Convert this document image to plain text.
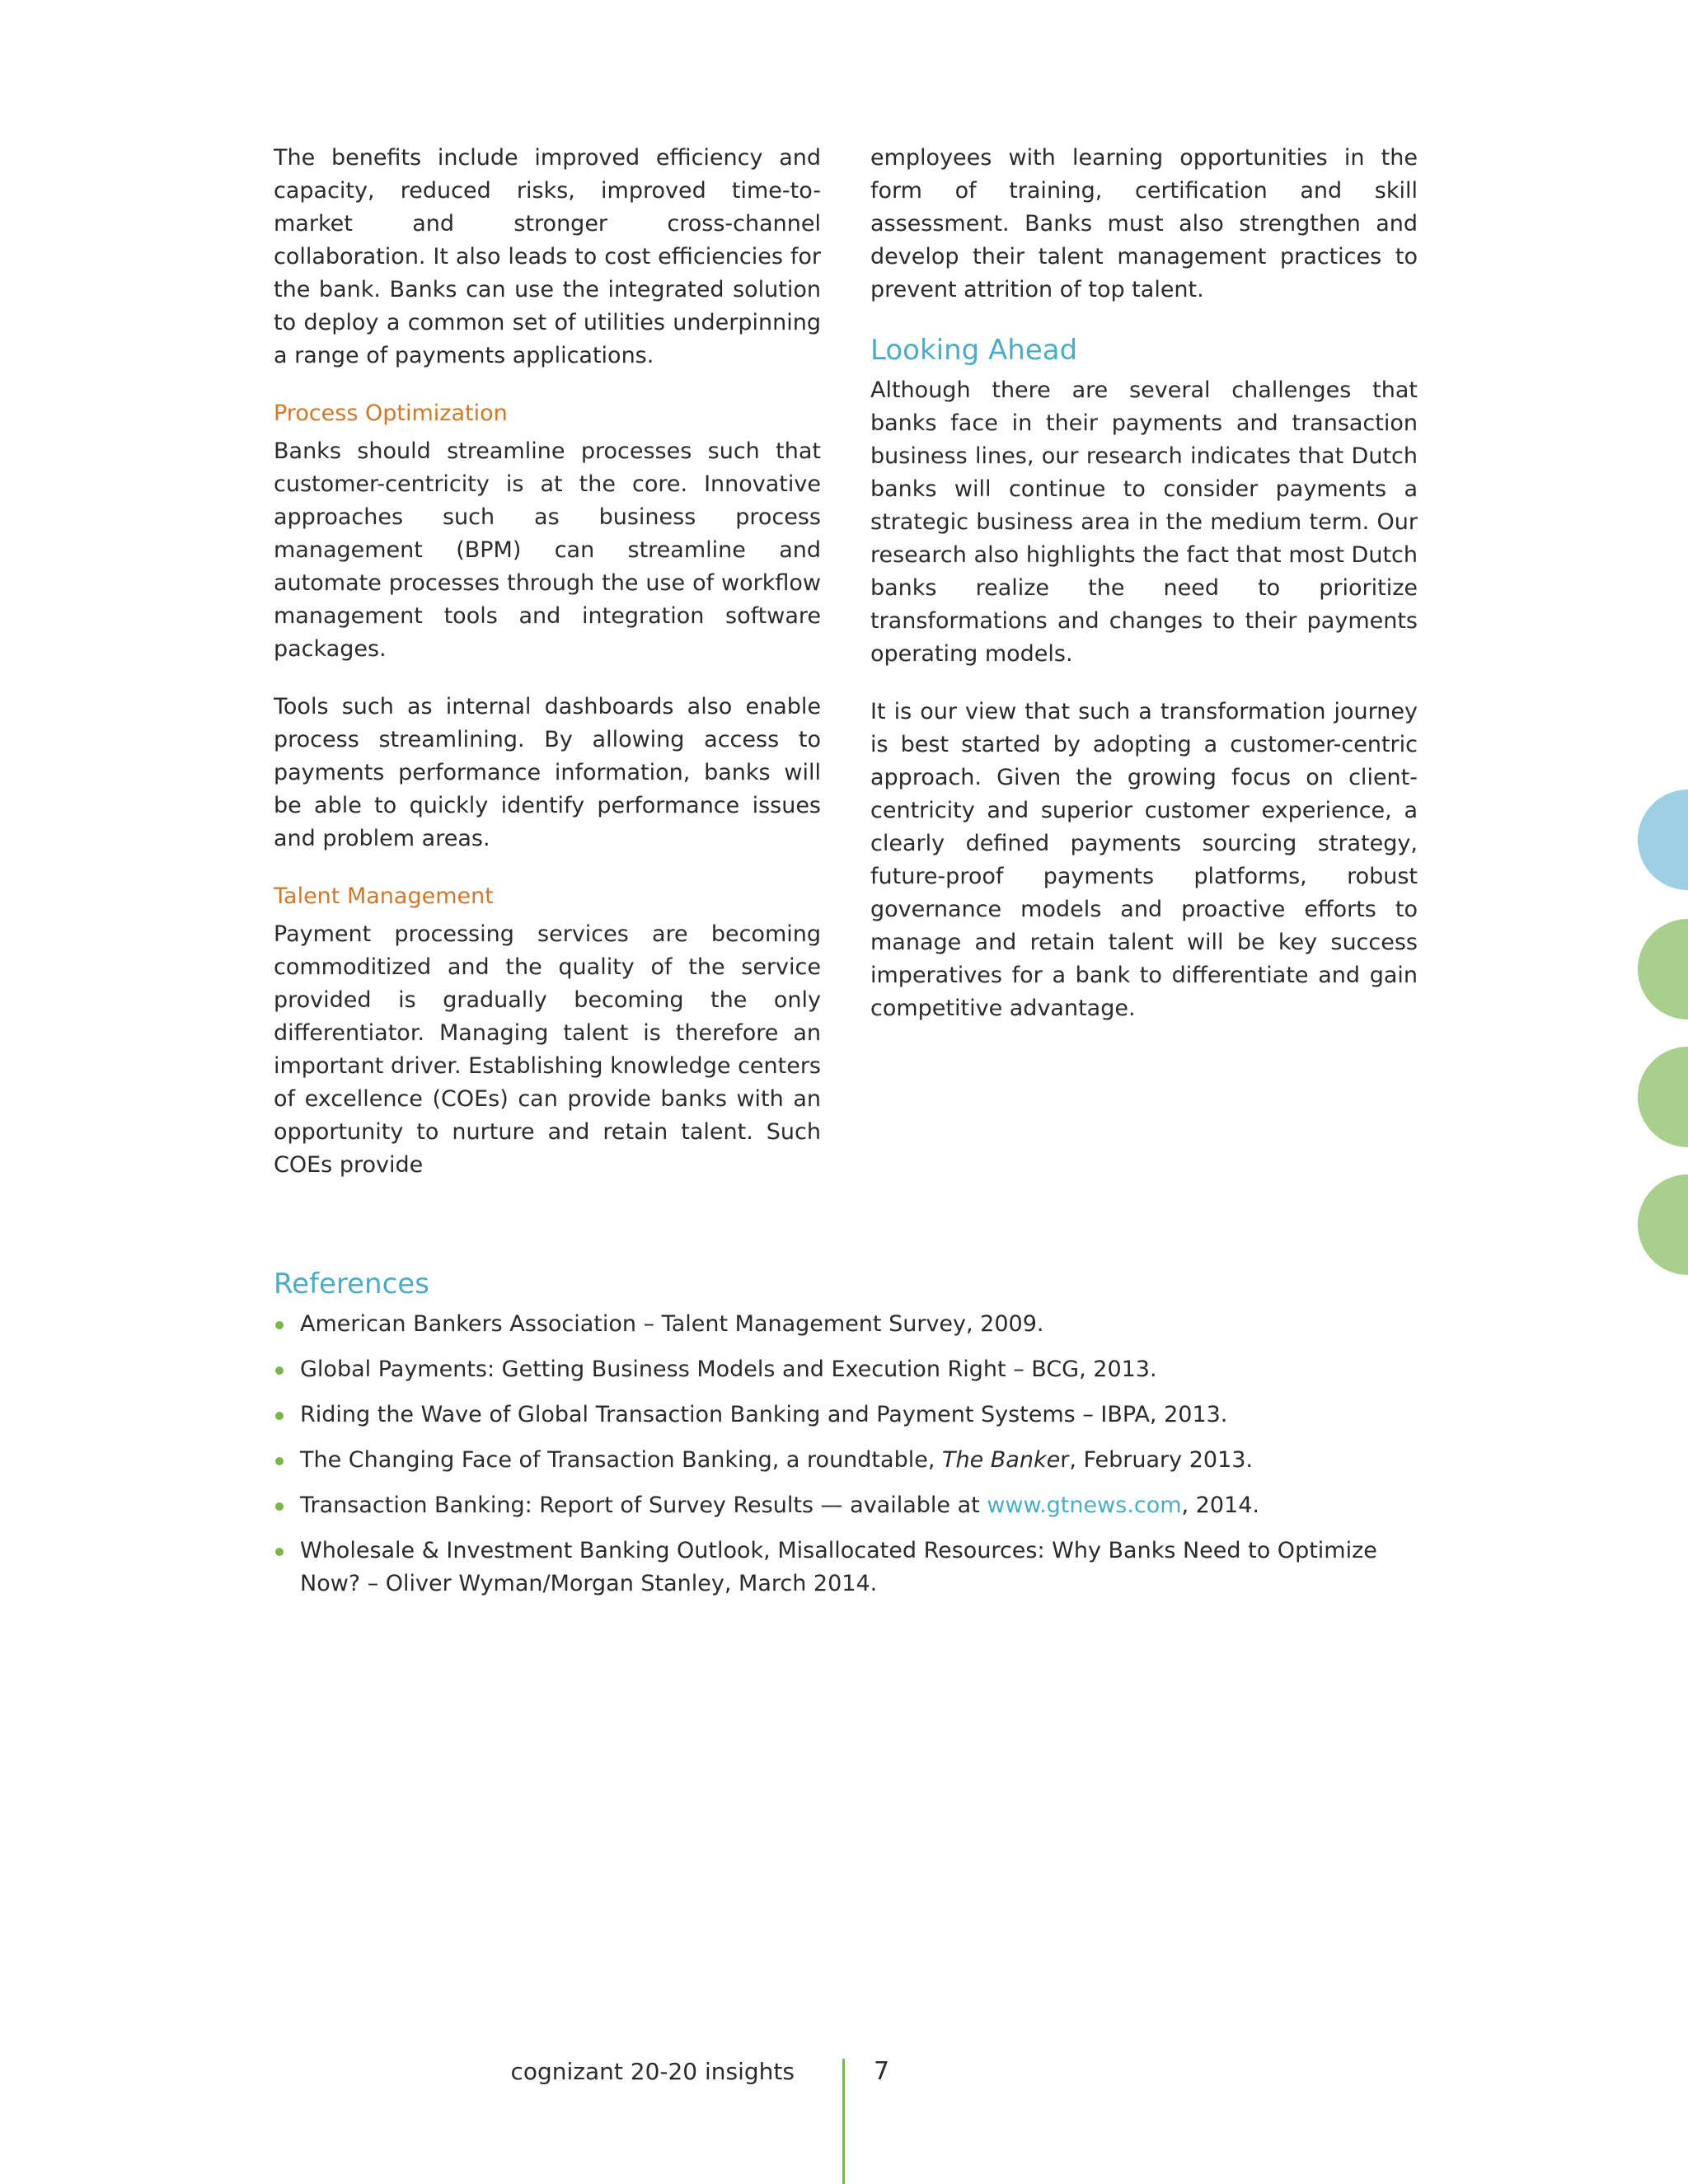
The benefits include improved efficiency and capacity, reduced risks, improved time-to-market and stronger cross-channel collaboration. It also leads to cost efficiencies for the bank. Banks can use the integrated solution to deploy a common set of utilities underpinning a range of payments applications.

Process Optimization

Banks should streamline processes such that customer-centricity is at the core. Innovative approaches such as business process management (BPM) can streamline and automate processes through the use of workflow management tools and integration software packages.

Tools such as internal dashboards also enable process streamlining. By allowing access to payments performance information, banks will be able to quickly identify performance issues and problem areas.

Talent Management

Payment processing services are becoming commoditized and the quality of the service provided is gradually becoming the only differentiator. Managing talent is therefore an important driver. Establishing knowledge centers of excellence (COEs) can provide banks with an opportunity to nurture and retain talent. Such COEs provide

employees with learning opportunities in the form of training, certification and skill assessment. Banks must also strengthen and develop their talent management practices to prevent attrition of top talent.

Looking Ahead

Although there are several challenges that banks face in their payments and transaction business lines, our research indicates that Dutch banks will continue to consider payments a strategic business area in the medium term. Our research also highlights the fact that most Dutch banks realize the need to prioritize transformations and changes to their payments operating models.

It is our view that such a transformation journey is best started by adopting a customer-centric approach. Given the growing focus on client-centricity and superior customer experience, a clearly defined payments sourcing strategy, future-proof payments platforms, robust governance models and proactive efforts to manage and retain talent will be key success imperatives for a bank to differentiate and gain competitive advantage.

References
American Bankers Association – Talent Management Survey, 2009.
Global Payments: Getting Business Models and Execution Right – BCG, 2013.
Riding the Wave of Global Transaction Banking and Payment Systems – IBPA, 2013.
The Changing Face of Transaction Banking, a roundtable, The Banker, February 2013.
Transaction Banking: Report of Survey Results — available at www.gtnews.com, 2014.
Wholesale & Investment Banking Outlook, Misallocated Resources: Why Banks Need to Optimize Now? – Oliver Wyman/Morgan Stanley, March 2014.
cognizant 20-20 insights	7
